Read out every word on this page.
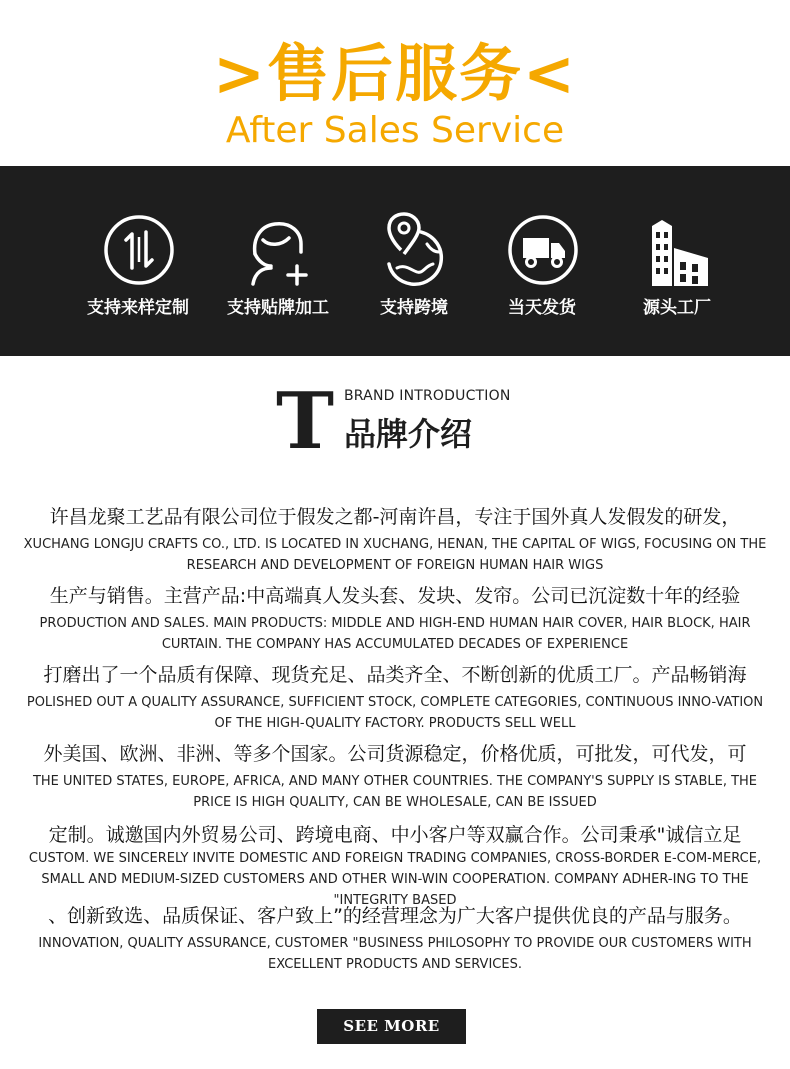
>售后服务<
After Sales Service
支持来样定制	支持贴牌加工	支持跨境	当天发货	源头工厂
T BRAND INTRODUCTION
品牌介绍
许昌龙聚工艺品有限公司位于假发之都-河南许昌，专注于国外真人发假发的研发，
XUCHANG LONGJU CRAFTS CO., LTD. IS LOCATED IN XUCHANG, HENAN, THE CAPITAL OF WIGS, FOCUSING ON THE RESEARCH AND DEVELOPMENT OF FOREIGN HUMAN HAIR WIGS
生产与销售。主营产品:中高端真人发头套、发块、发帘。公司已沉淀数十年的经验
PRODUCTION AND SALES. MAIN PRODUCTS: MIDDLE AND HIGH-END HUMAN HAIR COVER, HAIR BLOCK, HAIR CURTAIN. THE COMPANY HAS ACCUMULATED DECADES OF EXPERIENCE
打磨出了一个品质有保障、现货充足、品类齐全、不断创新的优质工厂。产品畅销海
POLISHED OUT A QUALITY ASSURANCE, SUFFICIENT STOCK, COMPLETE CATEGORIES, CONTINUOUS INNO-VATION OF THE HIGH-QUALITY FACTORY. PRODUCTS SELL WELL
外美国、欧洲、非洲、等多个国家。公司货源稳定，价格优质，可批发，可代发，可
THE UNITED STATES, EUROPE, AFRICA, AND MANY OTHER COUNTRIES. THE COMPANY'S SUPPLY IS STABLE, THE PRICE IS HIGH QUALITY, CAN BE WHOLESALE, CAN BE ISSUED
定制。诚邀国内外贸易公司、跨境电商、中小客户等双赢合作。公司秉承"诚信立足
CUSTOM. WE SINCERELY INVITE DOMESTIC AND FOREIGN TRADING COMPANIES, CROSS-BORDER E-COM-MERCE, SMALL AND MEDIUM-SIZED CUSTOMERS AND OTHER WIN-WIN COOPERATION. COMPANY ADHER-ING TO THE "INTEGRITY BASED
、创新致选、品质保证、客户致上”的经营理念为广大客户提供优良的产品与服务。
INNOVATION, QUALITY ASSURANCE, CUSTOMER "BUSINESS PHILOSOPHY TO PROVIDE OUR CUSTOMERS WITH EXCELLENT PRODUCTS AND SERVICES.
SEE MORE
